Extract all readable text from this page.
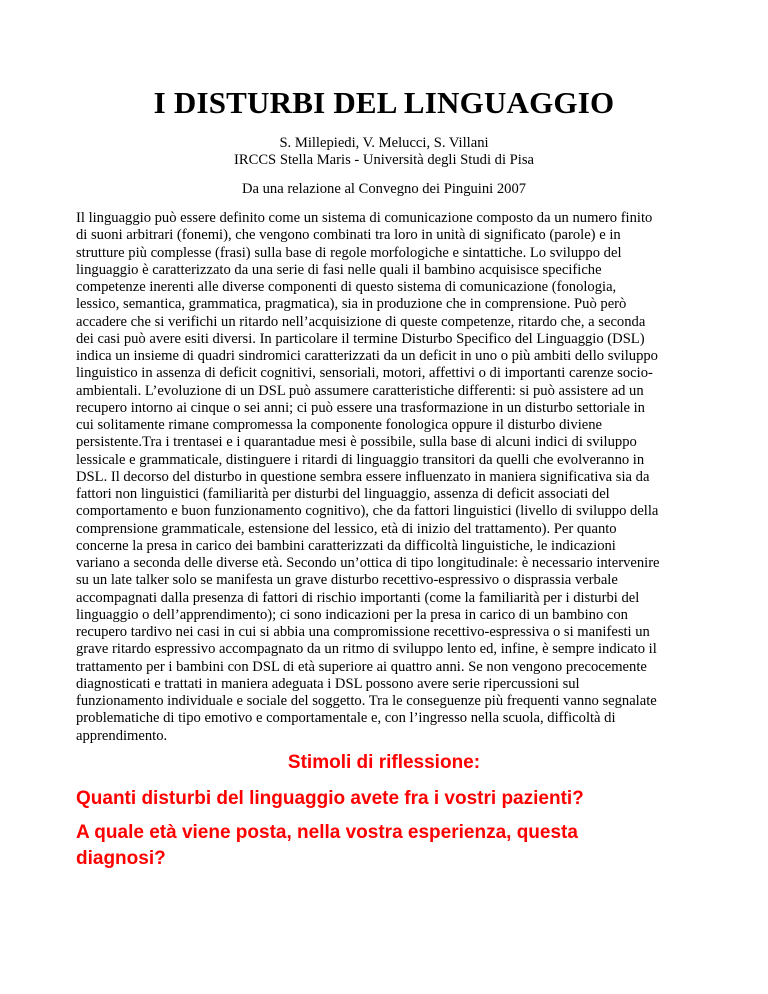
I DISTURBI DEL LINGUAGGIO
S. Millepiedi, V. Melucci, S. Villani
IRCCS Stella Maris - Università degli Studi di Pisa
Da una relazione al Convegno dei Pinguini 2007

Il linguaggio può essere definito come un sistema di comunicazione composto da un numero finito
di suoni arbitrari (fonemi), che vengono combinati tra loro in unità di significato (parole) e in
strutture più complesse (frasi) sulla base di regole morfologiche e sintattiche. Lo sviluppo del
linguaggio è caratterizzato da una serie di fasi nelle quali il bambino acquisisce specifiche
competenze inerenti alle diverse componenti di questo sistema di comunicazione (fonologia,
lessico, semantica, grammatica, pragmatica), sia in produzione che in comprensione. Può però
accadere che si verifichi un ritardo nell’acquisizione di queste competenze, ritardo che, a seconda
dei casi può avere esiti diversi. In particolare il termine Disturbo Specifico del Linguaggio (DSL)
indica un insieme di quadri sindromici caratterizzati da un deficit in uno o più ambiti dello sviluppo
linguistico in assenza di deficit cognitivi, sensoriali, motori, affettivi o di importanti carenze socio-
ambientali. L’evoluzione di un DSL può assumere caratteristiche differenti: si può assistere ad un
recupero intorno ai cinque o sei anni; ci può essere una trasformazione in un disturbo settoriale in
cui solitamente rimane compromessa la componente fonologica oppure il disturbo diviene
persistente.Tra i trentasei e i quarantadue mesi è possibile, sulla base di alcuni indici di sviluppo
lessicale e grammaticale, distinguere i ritardi di linguaggio transitori da quelli che evolveranno in
DSL. Il decorso del disturbo in questione sembra essere influenzato in maniera significativa sia da
fattori non linguistici (familiarità per disturbi del linguaggio, assenza di deficit associati del
comportamento e buon funzionamento cognitivo), che da fattori linguistici (livello di sviluppo della
comprensione grammaticale, estensione del lessico, età di inizio del trattamento). Per quanto
concerne la presa in carico dei bambini caratterizzati da difficoltà linguistiche, le indicazioni
variano a seconda delle diverse età. Secondo un’ottica di tipo longitudinale: è necessario intervenire
su un late talker solo se manifesta un grave disturbo recettivo-espressivo o disprassia verbale
accompagnati dalla presenza di fattori di rischio importanti (come la familiarità per i disturbi del
linguaggio o dell’apprendimento); ci sono indicazioni per la presa in carico di un bambino con
recupero tardivo nei casi in cui si abbia una compromissione recettivo-espressiva o si manifesti un
grave ritardo espressivo accompagnato da un ritmo di sviluppo lento ed, infine, è sempre indicato il
trattamento per i bambini con DSL di età superiore ai quattro anni. Se non vengono precocemente
diagnosticati e trattati in maniera adeguata i DSL possono avere serie ripercussioni sul
funzionamento individuale e sociale del soggetto. Tra le conseguenze più frequenti vanno segnalate
problematiche di tipo emotivo e comportamentale e, con l’ingresso nella scuola, difficoltà di
apprendimento.

Stimoli di riflessione:
Quanti disturbi del linguaggio avete fra i vostri pazienti?
A quale età viene posta, nella vostra esperienza, questa
diagnosi?
